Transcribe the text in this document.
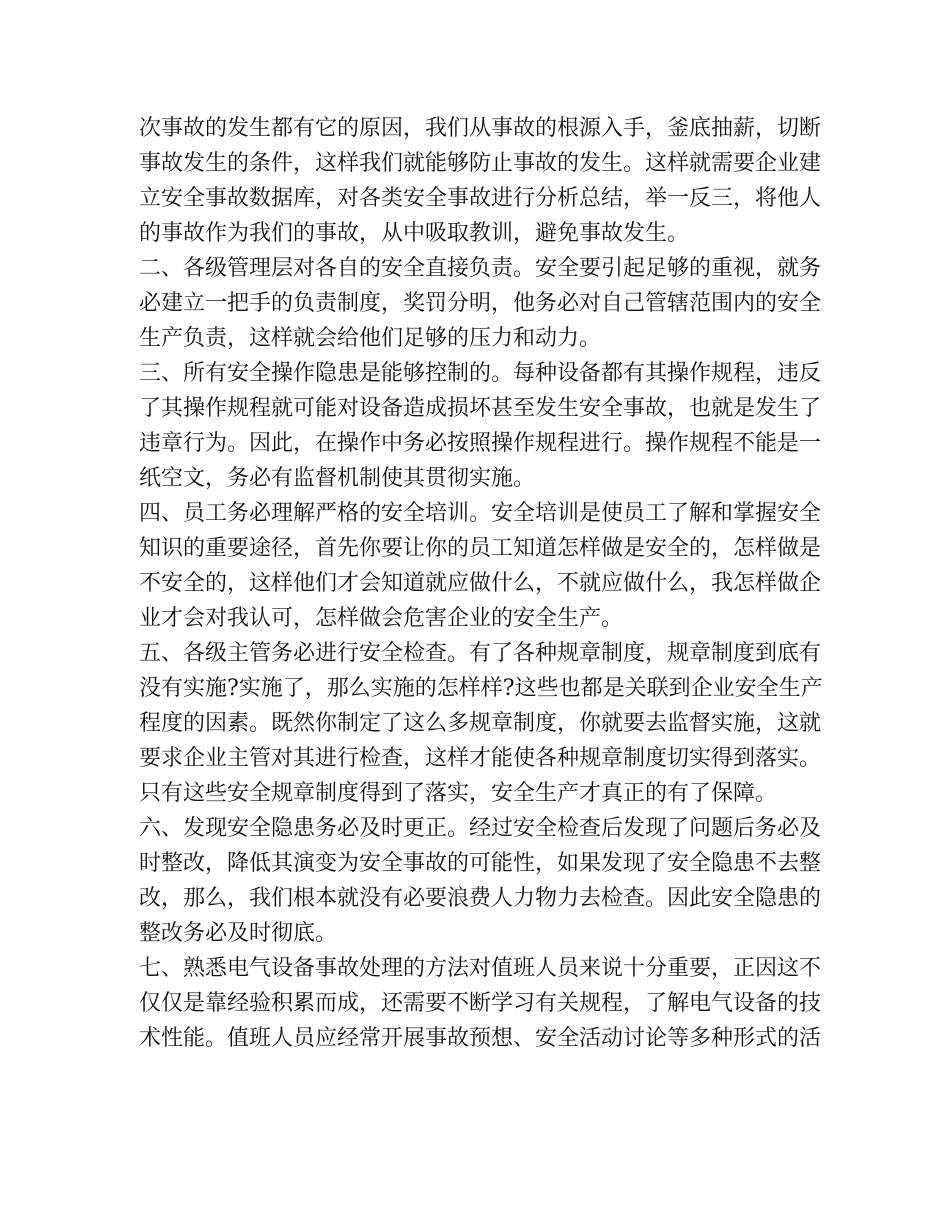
次事故的发生都有它的原因，我们从事故的根源入手，釜底抽薪，切断
事故发生的条件，这样我们就能够防止事故的发生。这样就需要企业建
立安全事故数据库，对各类安全事故进行分析总结，举一反三，将他人
的事故作为我们的事故，从中吸取教训，避免事故发生。
二、各级管理层对各自的安全直接负责。安全要引起足够的重视，就务
必建立一把手的负责制度，奖罚分明，他务必对自己管辖范围内的安全
生产负责，这样就会给他们足够的压力和动力。
三、所有安全操作隐患是能够控制的。每种设备都有其操作规程，违反
了其操作规程就可能对设备造成损坏甚至发生安全事故，也就是发生了
违章行为。因此，在操作中务必按照操作规程进行。操作规程不能是一
纸空文，务必有监督机制使其贯彻实施。
四、员工务必理解严格的安全培训。安全培训是使员工了解和掌握安全
知识的重要途径，首先你要让你的员工知道怎样做是安全的，怎样做是
不安全的，这样他们才会知道就应做什么，不就应做什么，我怎样做企
业才会对我认可，怎样做会危害企业的安全生产。
五、各级主管务必进行安全检查。有了各种规章制度，规章制度到底有
没有实施?实施了，那么实施的怎样样?这些也都是关联到企业安全生产
程度的因素。既然你制定了这么多规章制度，你就要去监督实施，这就
要求企业主管对其进行检查，这样才能使各种规章制度切实得到落实。
只有这些安全规章制度得到了落实，安全生产才真正的有了保障。
六、发现安全隐患务必及时更正。经过安全检查后发现了问题后务必及
时整改，降低其演变为安全事故的可能性，如果发现了安全隐患不去整
改，那么，我们根本就没有必要浪费人力物力去检查。因此安全隐患的
整改务必及时彻底。
七、熟悉电气设备事故处理的方法对值班人员来说十分重要，正因这不
仅仅是靠经验积累而成，还需要不断学习有关规程，了解电气设备的技
术性能。值班人员应经常开展事故预想、安全活动讨论等多种形式的活
